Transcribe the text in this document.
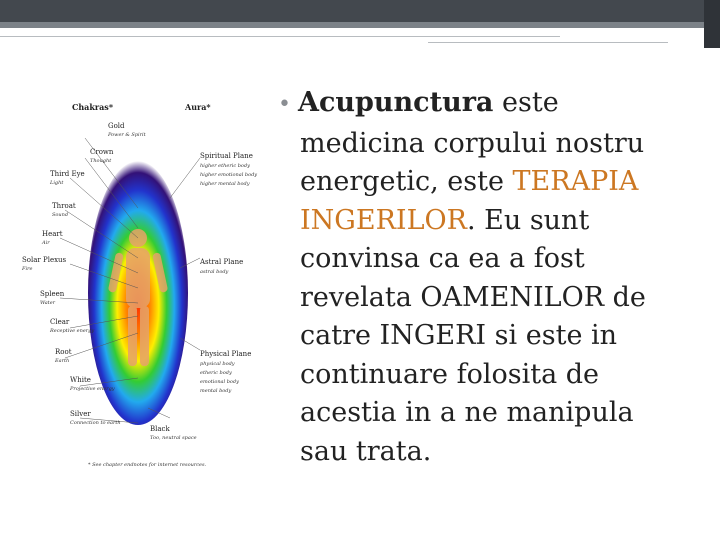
Chakras*	Aura*
Gold
Power & Spirit
Crown
Thought
Third Eye
Light
Throat
Sound
Heart
Air
Solar Plexus
Fire
Spleen
Water
Clear
Receptive energy
Root
Earth
White
Projective energy
Silver
Connection to earth
Black
Too, neutral space
Spiritual Plane
higher etheric body
higher emotional body
higher mental body
Astral Plane
astral body
Physical Plane
physical body
etheric body
emotional body
mental body
* See chapter endnotes for internet resources.
• Acupunctura este
medicina corpului nostru
energetic, este TERAPIA
INGERILOR. Eu sunt
convinsa ca ea a fost
revelata OAMENILOR de
catre INGERI si este in
continuare folosita de
acestia in a ne manipula
sau trata.
